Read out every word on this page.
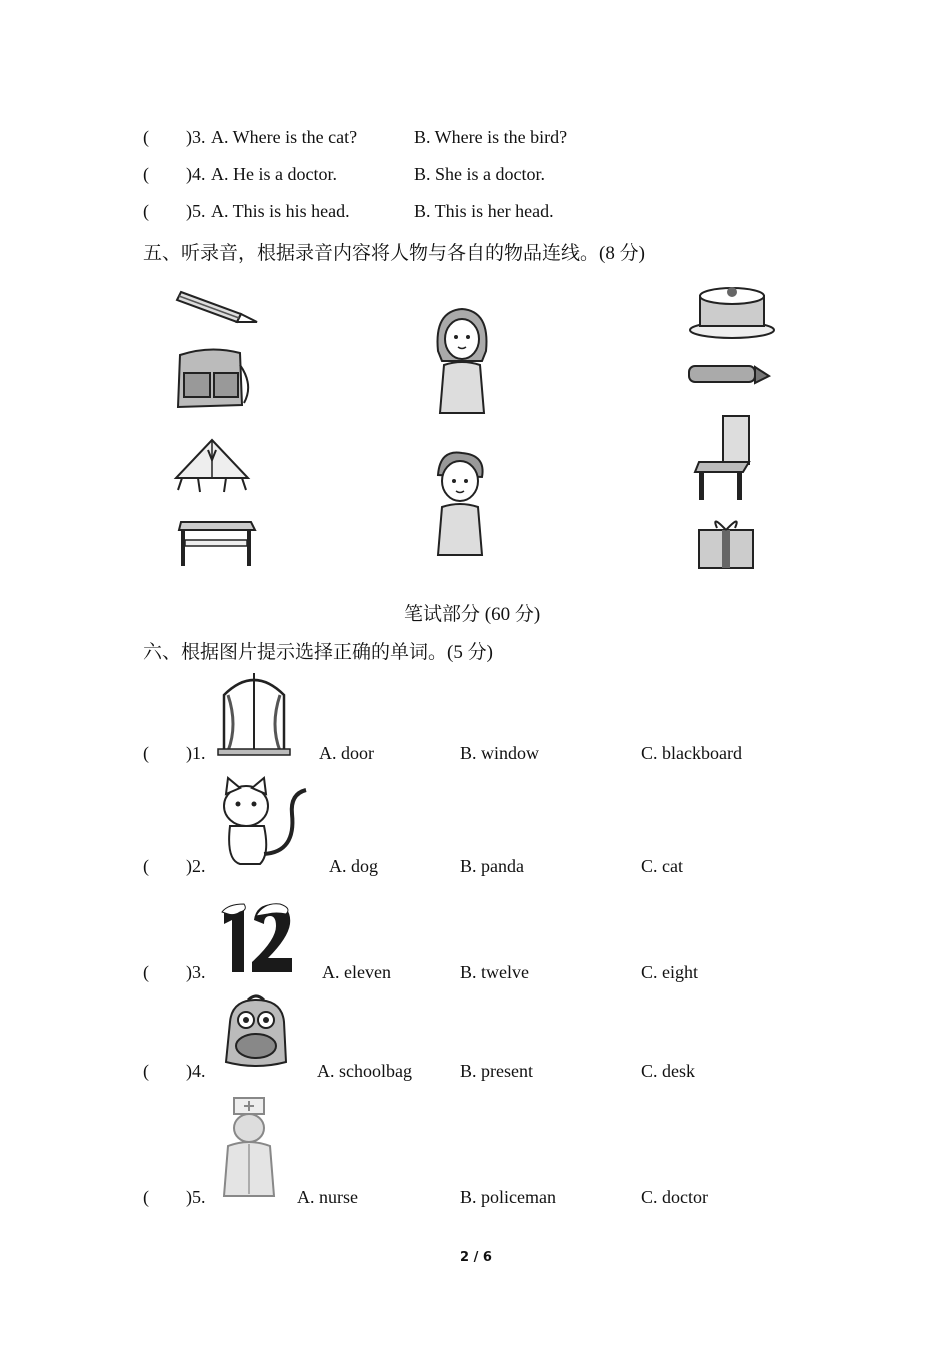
( )3. A. Where is the cat?	B. Where is the bird?
( )4. A. He is a doctor.	B. She is a doctor.
( )5. A. This is his head.	B. This is her head.
五、听录音，根据录音内容将人物与各自的物品连线。(8 分)
笔试部分 (60 分)
六、根据图片提示选择正确的单词。(5 分)
( )1.	A. door	B. window	C. blackboard
( )2.	A. dog	B. panda	C. cat
( )3.	A. eleven	B. twelve	C. eight
( )4.	A. schoolbag	B. present	C. desk
( )5.	A. nurse	B. policeman	C. doctor
2 / 6
